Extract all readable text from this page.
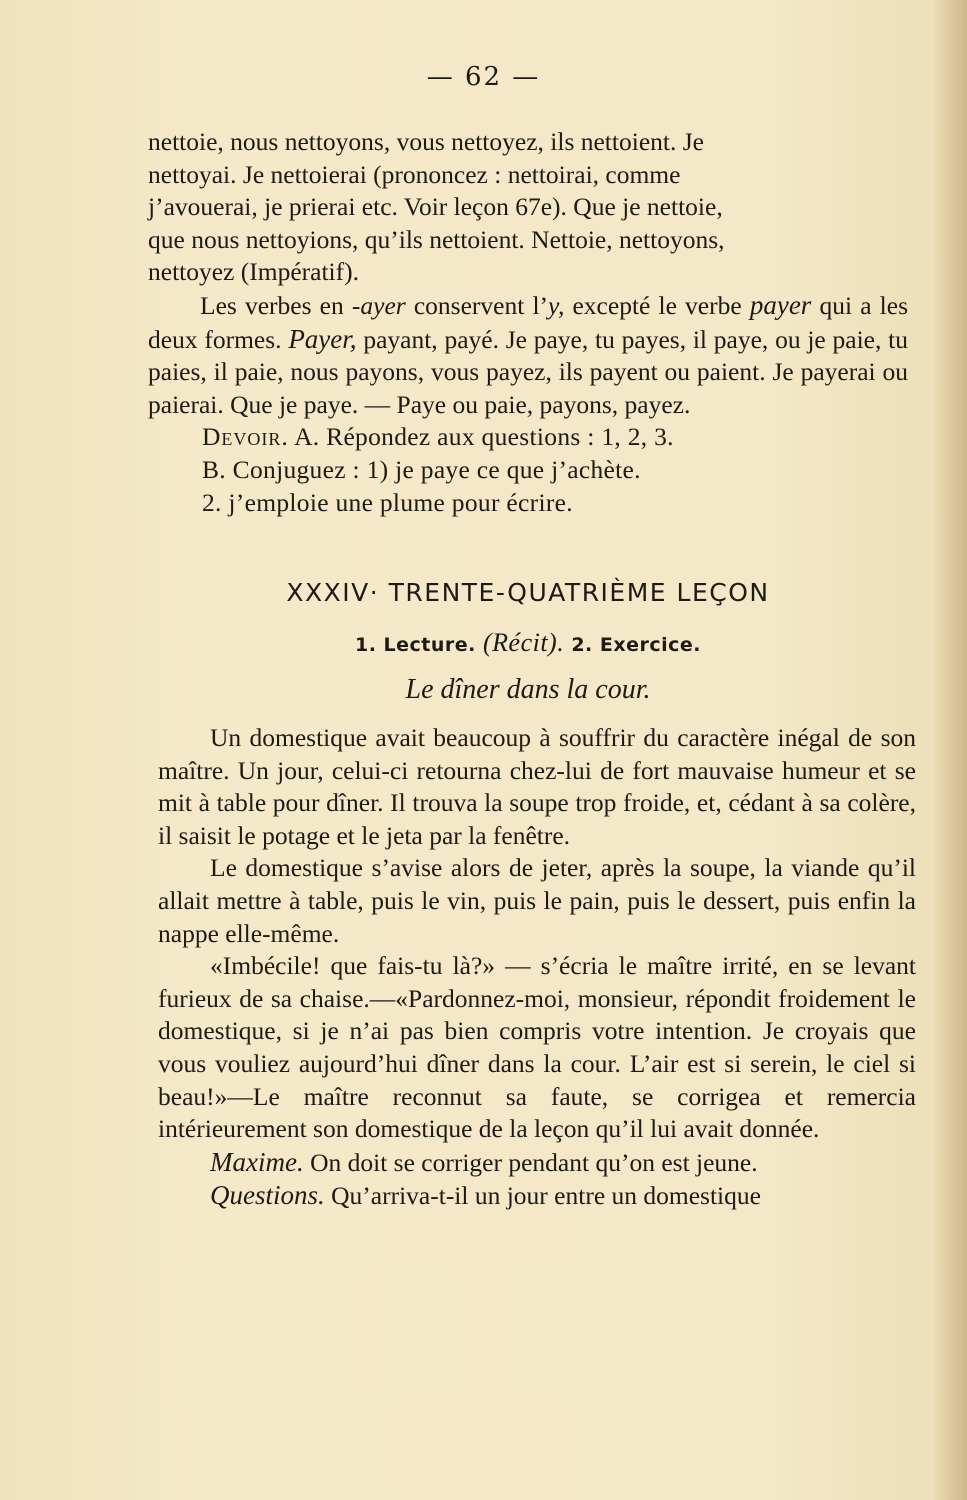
— 62 —

nettoie, nous nettoyons, vous nettoyez, ils nettoient. Je

nettoyai. Je nettoierai (prononcez : nettoirai, comme

j’avouerai, je prierai etc. Voir leçon 67e). Que je nettoie,

que nous nettoyions, qu’ils nettoient. Nettoie, nettoyons,

nettoyez (Impératif).

Les verbes en -ayer conservent l’y, excepté le verbe payer qui a les deux formes. Payer, payant, payé. Je paye, tu payes, il paye, ou je paie, tu paies, il paie, nous payons, vous payez, ils payent ou paient. Je payerai ou paierai. Que je paye. — Paye ou paie, payons, payez.

Devoir. A. Répondez aux questions : 1, 2, 3.

B. Conjuguez : 1) je paye ce que j’achète.

2. j’emploie une plume pour écrire.

XXXIV· TRENTE-QUATRIÈME LEÇON
1. Lecture. (Récit). 2. Exercice.
Le dîner dans la cour.

Un domestique avait beaucoup à souffrir du caractère inégal de son maître. Un jour, celui-ci retourna chez-lui de fort mauvaise humeur et se mit à table pour dîner. Il trouva la soupe trop froide, et, cédant à sa colère, il saisit le potage et le jeta par la fenêtre.

Le domestique s’avise alors de jeter, après la soupe, la viande qu’il allait mettre à table, puis le vin, puis le pain, puis le dessert, puis enfin la nappe elle-même.

«Imbécile! que fais-tu là?» — s’écria le maître irrité, en se levant furieux de sa chaise.—«Pardonnez-moi, monsieur, répondit froidement le domestique, si je n’ai pas bien compris votre intention. Je croyais que vous vouliez aujourd’hui dîner dans la cour. L’air est si serein, le ciel si beau!»—Le maître reconnut sa faute, se corrigea et remercia intérieurement son domestique de la leçon qu’il lui avait donnée.

Maxime. On doit se corriger pendant qu’on est jeune.

Questions. Qu’arriva-t-il un jour entre un domestique
